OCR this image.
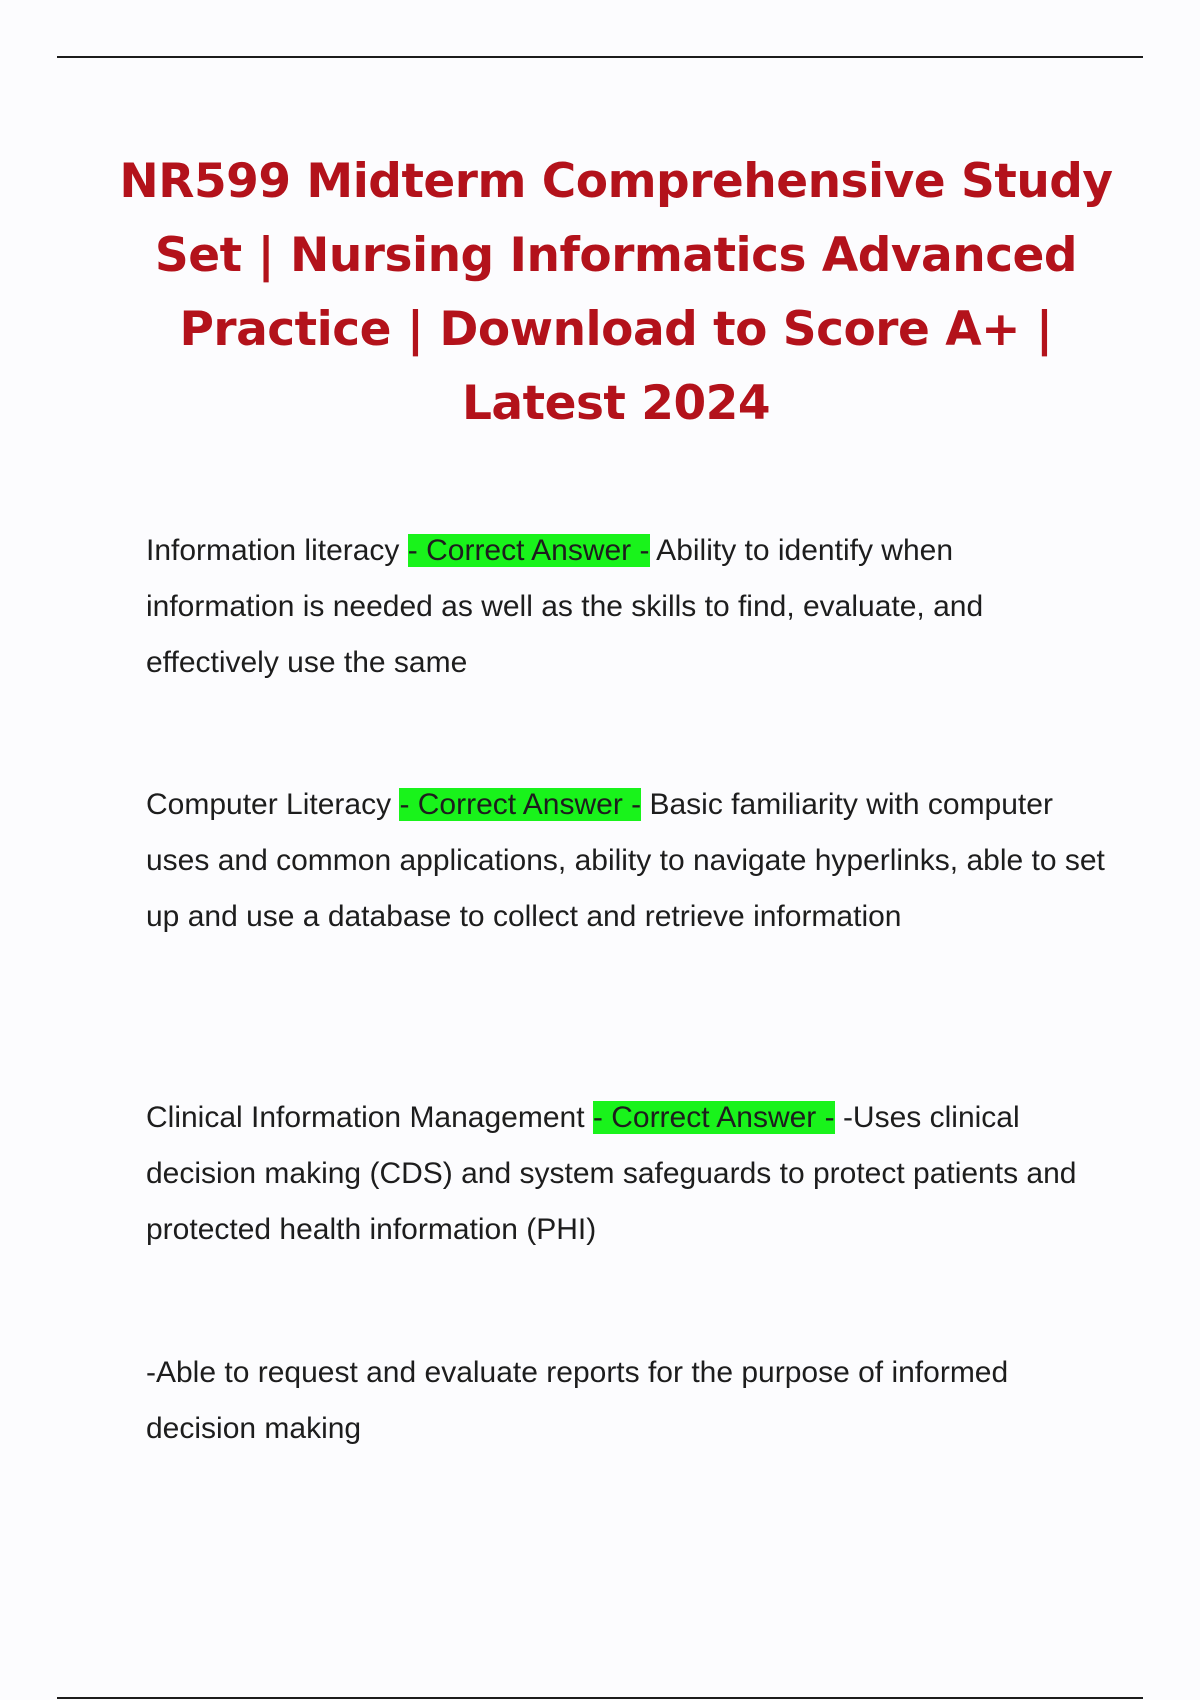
NR599 Midterm Comprehensive Study Set | Nursing Informatics Advanced Practice | Download to Score A+ | Latest 2024

Information literacy - Correct Answer - Ability to identify when information is needed as well as the skills to find, evaluate, and effectively use the same

Computer Literacy - Correct Answer - Basic familiarity with computer uses and common applications, ability to navigate hyperlinks, able to set up and use a database to collect and retrieve information

Clinical Information Management - Correct Answer - -Uses clinical decision making (CDS) and system safeguards to protect patients and protected health information (PHI)

-Able to request and evaluate reports for the purpose of informed decision making
